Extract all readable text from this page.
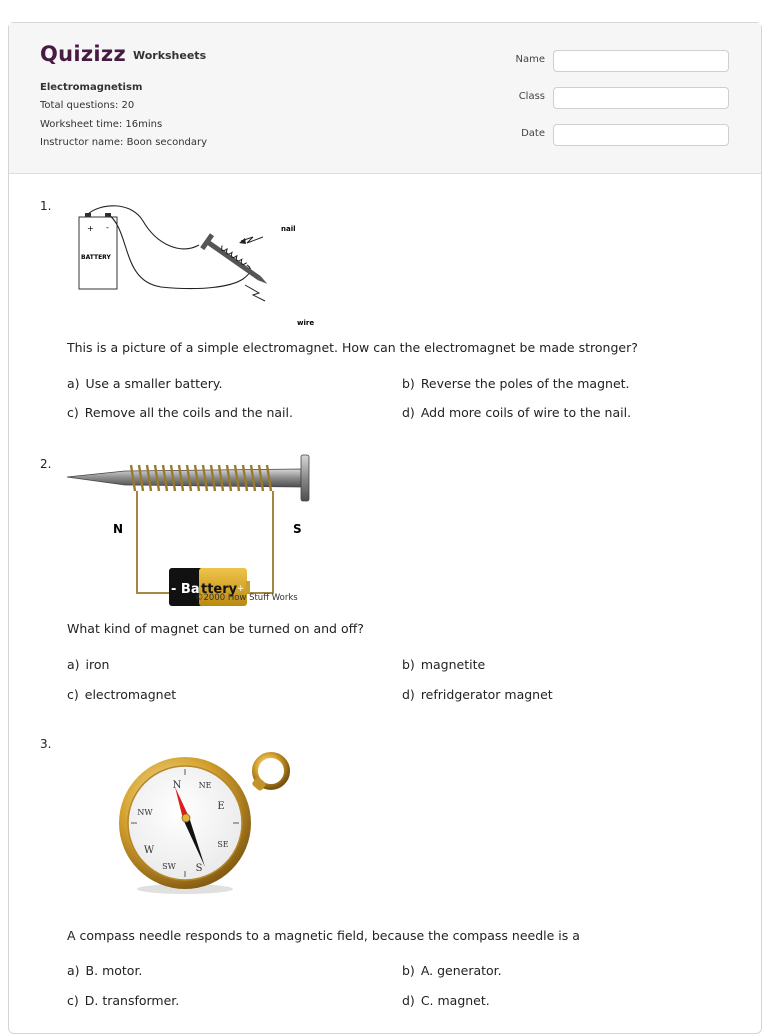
Quizizz Worksheets
Electromagnetism
Total questions: 20
Worksheet time: 16mins
Instructor name: Boon secondary
Name
Class
Date
1.
+ -
BATTERY
nail
wire
This is a picture of a simple electromagnet. How can the electromagnet be made stronger?
a) Use a smaller battery.	b) Reverse the poles of the magnet.
c) Remove all the coils and the nail.	d) Add more coils of wire to the nail.
2.
N	S
- Ba ttery +
©2000 How Stuff Works
What kind of magnet can be turned on and off?
a) iron	b) magnetite
c) electromagnet	d) refridgerator magnet
3.
N NE
E
SE
S
SW
W
NW
A compass needle responds to a magnetic field, because the compass needle is a
a) B. motor.	b) A. generator.
c) D. transformer.	d) C. magnet.
